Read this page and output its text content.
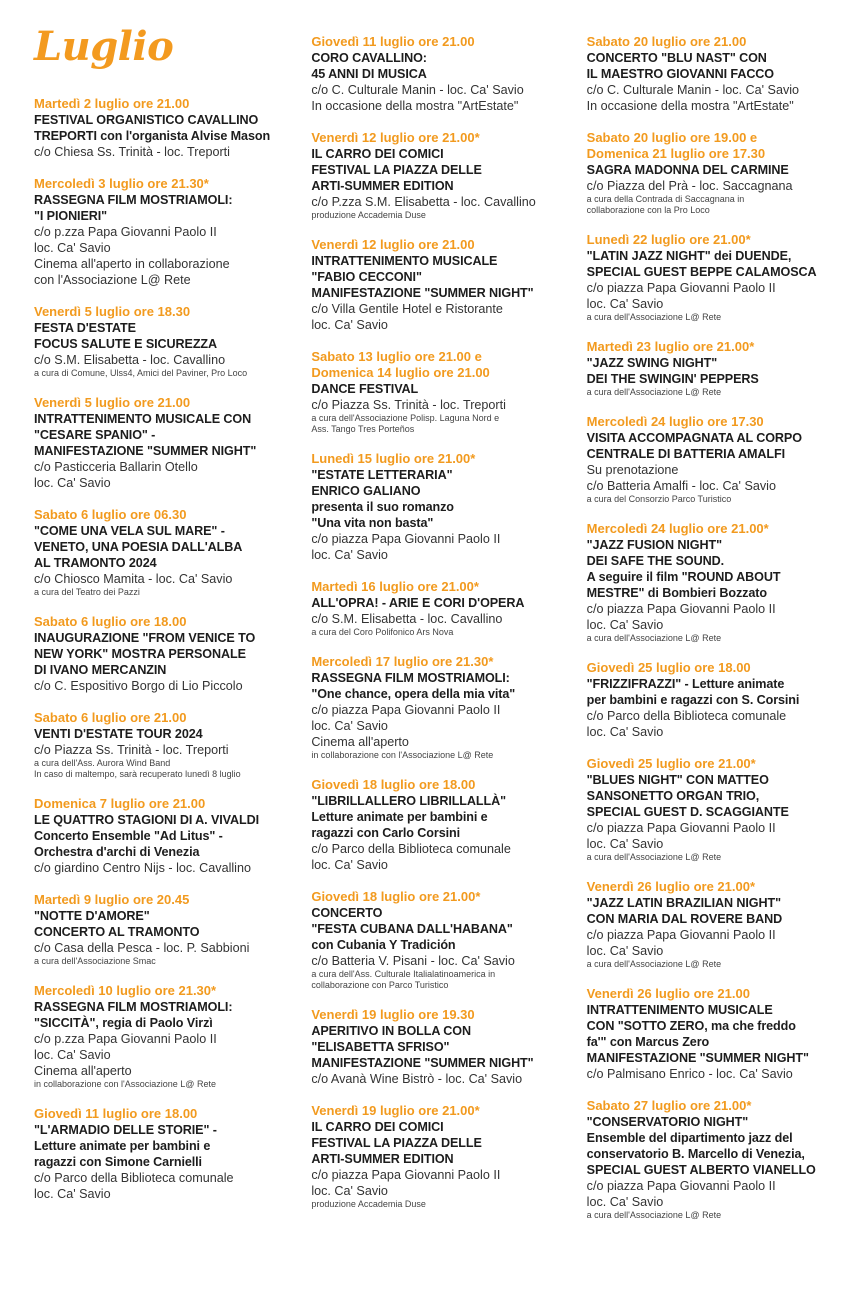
Luglio
Martedì 2 luglio ore 21.00
FESTIVAL ORGANISTICO CAVALLINO
TREPORTI con l'organista Alvise Mason
c/o Chiesa Ss. Trinità - loc. Treporti
Mercoledì 3 luglio ore 21.30*
RASSEGNA FILM MOSTRIAMOLI:
"I PIONIERI"
c/o p.zza Papa Giovanni Paolo II
loc. Ca' Savio
Cinema all'aperto in collaborazione
con l'Associazione L@ Rete
Venerdì 5 luglio ore 18.30
FESTA D'ESTATE
FOCUS SALUTE E SICUREZZA
c/o S.M. Elisabetta - loc. Cavallino
a cura di Comune, Ulss4, Amici del Paviner, Pro Loco
Venerdì 5 luglio ore 21.00
INTRATTENIMENTO MUSICALE CON
"CESARE SPANIO" -
MANIFESTAZIONE "SUMMER NIGHT"
c/o Pasticceria Ballarin Otello
loc. Ca' Savio
Sabato 6 luglio ore 06.30
"COME UNA VELA SUL MARE" -
VENETO, UNA POESIA DALL'ALBA
AL TRAMONTO 2024
c/o Chiosco Mamita - loc. Ca' Savio
a cura del Teatro dei Pazzi
Sabato 6 luglio ore 18.00
INAUGURAZIONE "FROM VENICE TO
NEW YORK" MOSTRA PERSONALE
DI IVANO MERCANZIN
c/o C. Espositivo Borgo di Lio Piccolo
Sabato 6 luglio ore 21.00
VENTI D'ESTATE TOUR 2024
c/o Piazza Ss. Trinità - loc. Treporti
a cura dell'Ass. Aurora Wind Band
In caso di maltempo, sarà recuperato lunedì 8 luglio
Domenica 7 luglio ore 21.00
LE QUATTRO STAGIONI DI A. VIVALDI
Concerto Ensemble "Ad Litus" -
Orchestra d'archi di Venezia
c/o giardino Centro Nijs - loc. Cavallino
Martedì 9 luglio ore 20.45
"NOTTE D'AMORE"
CONCERTO AL TRAMONTO
c/o Casa della Pesca - loc. P. Sabbioni
a cura dell'Associazione Smac
Mercoledì 10 luglio ore 21.30*
RASSEGNA FILM MOSTRIAMOLI:
"SICCITÀ", regia di Paolo Virzì
c/o p.zza Papa Giovanni Paolo II
loc. Ca' Savio
Cinema all'aperto
in collaborazione con l'Associazione L@ Rete
Giovedì 11 luglio ore 18.00
"L'ARMADIO DELLE STORIE" -
Letture animate per bambini e
ragazzi con Simone Carnielli
c/o Parco della Biblioteca comunale
loc. Ca' Savio
Giovedì 11 luglio ore 21.00
CORO CAVALLINO:
45 ANNI DI MUSICA
c/o C. Culturale Manin - loc. Ca' Savio
In occasione della mostra "ArtEstate"
Venerdì 12 luglio ore 21.00*
IL CARRO DEI COMICI
FESTIVAL LA PIAZZA DELLE
ARTI-SUMMER EDITION
c/o P.zza S.M. Elisabetta - loc. Cavallino
produzione Accademia Duse
Venerdì 12 luglio ore 21.00
INTRATTENIMENTO MUSICALE
"FABIO CECCONI"
MANIFESTAZIONE "SUMMER NIGHT"
c/o Villa Gentile Hotel e Ristorante
loc. Ca' Savio
Sabato 13 luglio ore 21.00 e
Domenica 14 luglio ore 21.00
DANCE FESTIVAL
c/o Piazza Ss. Trinità - loc. Treporti
a cura dell'Associazione Polisp. Laguna Nord e
Ass. Tango Tres Porteños
Lunedì 15 luglio ore 21.00*
"ESTATE LETTERARIA"
ENRICO GALIANO
presenta il suo romanzo
"Una vita non basta"
c/o piazza Papa Giovanni Paolo II
loc. Ca' Savio
Martedì 16 luglio ore 21.00*
ALL'OPRA! - ARIE E CORI D'OPERA
c/o S.M. Elisabetta - loc. Cavallino
a cura del Coro Polifonico Ars Nova
Mercoledì 17 luglio ore 21.30*
RASSEGNA FILM MOSTRIAMOLI:
"One chance, opera della mia vita"
c/o piazza Papa Giovanni Paolo II
loc. Ca' Savio
Cinema all'aperto
in collaborazione con l'Associazione L@ Rete
Giovedì 18 luglio ore 18.00
"LIBRILLALLERO LIBRILLALLÀ"
Letture animate per bambini e
ragazzi con Carlo Corsini
c/o Parco della Biblioteca comunale
loc. Ca' Savio
Giovedì 18 luglio ore 21.00*
CONCERTO
"FESTA CUBANA DALL'HABANA"
con Cubania Y Tradición
c/o Batteria V. Pisani - loc. Ca' Savio
a cura dell'Ass. Culturale Italialatinoamerica in
collaborazione con Parco Turistico
Venerdì 19 luglio ore 19.30
APERITIVO IN BOLLA CON
"ELISABETTA SFRISO"
MANIFESTAZIONE "SUMMER NIGHT"
c/o Avanà Wine Bistrò - loc. Ca' Savio
Venerdì 19 luglio ore 21.00*
IL CARRO DEI COMICI
FESTIVAL LA PIAZZA DELLE
ARTI-SUMMER EDITION
c/o piazza Papa Giovanni Paolo II
loc. Ca' Savio
produzione Accademia Duse
Sabato 20 luglio ore 21.00
CONCERTO "BLU NAST" CON
IL MAESTRO GIOVANNI FACCO
c/o C. Culturale Manin - loc. Ca' Savio
In occasione della mostra "ArtEstate"
Sabato 20 luglio ore 19.00 e
Domenica 21 luglio ore 17.30
SAGRA MADONNA DEL CARMINE
c/o Piazza del Prà - loc. Saccagnana
a cura della Contrada di Saccagnana in
collaborazione con la Pro Loco
Lunedì 22 luglio ore 21.00*
"LATIN JAZZ NIGHT" dei DUENDE,
SPECIAL GUEST BEPPE CALAMOSCA
c/o piazza Papa Giovanni Paolo II
loc. Ca' Savio
a cura dell'Associazione L@ Rete
Martedì 23 luglio ore 21.00*
"JAZZ SWING NIGHT"
DEI THE SWINGIN' PEPPERS
a cura dell'Associazione L@ Rete
Mercoledì 24 luglio ore 17.30
VISITA ACCOMPAGNATA AL CORPO
CENTRALE DI BATTERIA AMALFI
Su prenotazione
c/o Batteria Amalfi - loc. Ca' Savio
a cura del Consorzio Parco Turistico
Mercoledì 24 luglio ore 21.00*
"JAZZ FUSION NIGHT"
DEI SAFE THE SOUND.
A seguire il film "ROUND ABOUT
MESTRE" di Bombieri Bozzato
c/o piazza Papa Giovanni Paolo II
loc. Ca' Savio
a cura dell'Associazione L@ Rete
Giovedì 25 luglio ore 18.00
"FRIZZIFRAZZI" - Letture animate
per bambini e ragazzi con S. Corsini
c/o Parco della Biblioteca comunale
loc. Ca' Savio
Giovedì 25 luglio ore 21.00*
"BLUES NIGHT" CON MATTEO
SANSONETTO ORGAN TRIO,
SPECIAL GUEST D. SCAGGIANTE
c/o piazza Papa Giovanni Paolo II
loc. Ca' Savio
a cura dell'Associazione L@ Rete
Venerdì 26 luglio ore 21.00*
"JAZZ LATIN BRAZILIAN NIGHT"
CON MARIA DAL ROVERE BAND
c/o piazza Papa Giovanni Paolo II
loc. Ca' Savio
a cura dell'Associazione L@ Rete
Venerdì 26 luglio ore 21.00
INTRATTENIMENTO MUSICALE
CON "SOTTO ZERO, ma che freddo
fa'" con Marcus Zero
MANIFESTAZIONE "SUMMER NIGHT"
c/o Palmisano Enrico - loc. Ca' Savio
Sabato 27 luglio ore 21.00*
"CONSERVATORIO NIGHT"
Ensemble del dipartimento jazz del
conservatorio B. Marcello di Venezia,
SPECIAL GUEST ALBERTO VIANELLO
c/o piazza Papa Giovanni Paolo II
loc. Ca' Savio
a cura dell'Associazione L@ Rete
